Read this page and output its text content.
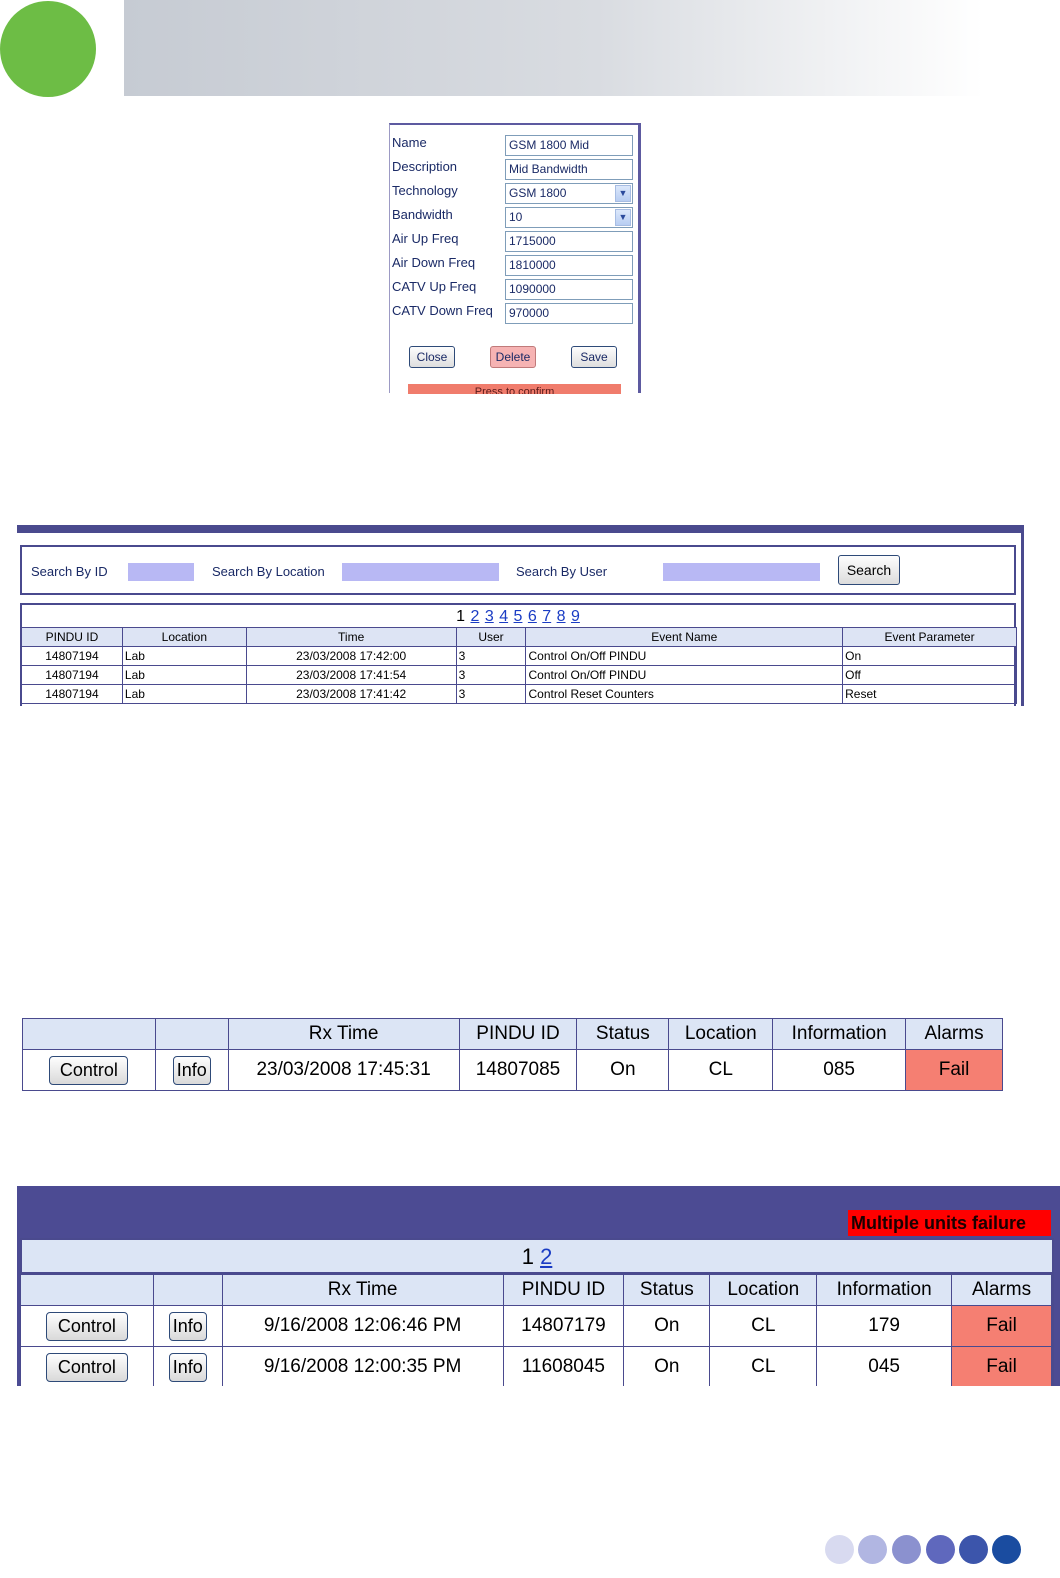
Name	GSM 1800 Mid
Description	Mid Bandwidth
Technology	GSM 1800	▼
Bandwidth	10	▼
Air Up Freq	1715000
Air Down Freq	1810000
CATV Up Freq	1090000
CATV Down Freq	970000
Close	Delete	Save
Press to confirm
Search By ID	Search By Location	Search By User	Search
1 2 3 4 5 6 7 8 9
PINDU ID	Location	Time	User	Event Name	Event Parameter
14807194	Lab	23/03/2008 17:42:00	3	Control On/Off PINDU	On
14807194	Lab	23/03/2008 17:41:54	3	Control On/Off PINDU	Off
14807194	Lab	23/03/2008 17:41:42	3	Control Reset Counters	Reset
		Rx Time	PINDU ID	Status	Location	Information	Alarms
Control	Info	23/03/2008 17:45:31	14807085	On	CL	085	Fail
Multiple units failure
1 2
		Rx Time	PINDU ID	Status	Location	Information	Alarms
Control	Info	9/16/2008 12:06:46 PM	14807179	On	CL	179	Fail
Control	Info	9/16/2008 12:00:35 PM	11608045	On	CL	045	Fail
